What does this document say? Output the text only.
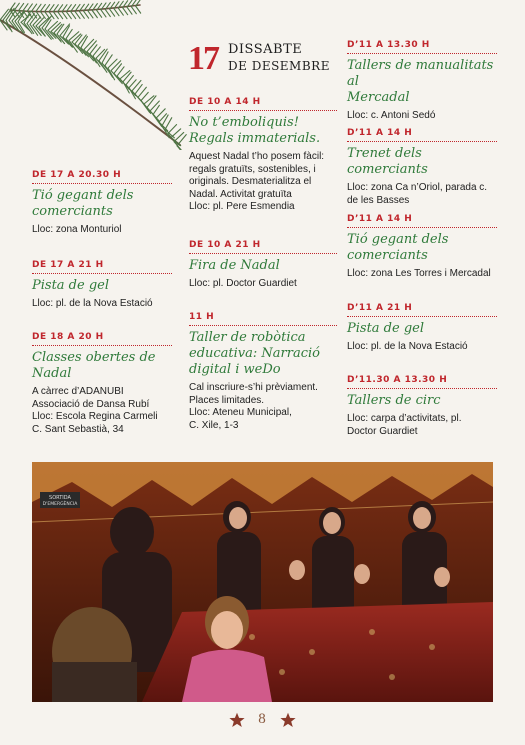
17 DISSABTE
DE DESEMBRE
DE 17 A 20.30 H
Tió gegant dels
comerciants
Lloc: zona Monturiol
DE 17 A 21 H
Pista de gel
Lloc: pl. de la Nova Estació
DE 18 A 20 H
Classes obertes de
Nadal
A càrrec d’ADANUBI
Associació de Dansa Rubí
Lloc: Escola Regina Carmeli
C. Sant Sebastià, 34
DE 10 A 14 H
No t’emboliquis!
Regals immaterials.
Aquest Nadal t’ho posem fàcil:
regals gratuïts, sostenibles, i
originals. Desmaterialitza el
Nadal. Activitat gratuïta
Lloc: pl. Pere Esmendia
DE 10 A 21 H
Fira de Nadal
Lloc: pl. Doctor Guardiet
11 H
Taller de robòtica
educativa: Narració
digital i weDo
Cal inscriure-s’hi prèviament.
Places limitades.
Lloc: Ateneu Municipal,
C. Xile, 1-3
D’11 A 13.30 H
Tallers de manualitats al
Mercadal
Lloc: c. Antoni Sedó
D’11 A 14 H
Trenet dels comerciants
Lloc: zona Ca n’Oriol, parada c.
de les Basses
D’11 A 14 H
Tió gegant dels
comerciants
Lloc: zona Les Torres i Mercadal
D’11 A 21 H
Pista de gel
Lloc: pl. de la Nova Estació
D’11.30 A 13.30 H
Tallers de circ
Lloc: carpa d’activitats, pl.
Doctor Guardiet
SORTIDA
D'EMERGÈNCIA
8
